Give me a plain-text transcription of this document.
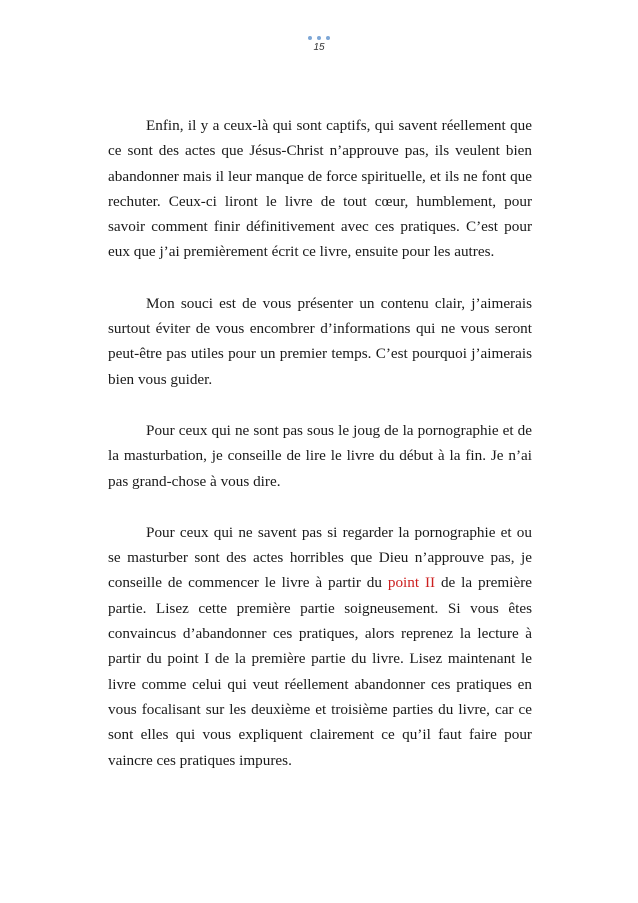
15

Enfin, il y a ceux-là qui sont captifs, qui savent réellement que ce sont des actes que Jésus-Christ n’approuve pas, ils veulent bien abandonner mais il leur manque de force spirituelle, et ils ne font que rechuter. Ceux-ci liront le livre de tout cœur, humblement, pour savoir comment finir définitivement avec ces pratiques. C’est pour eux que j’ai premièrement écrit ce livre, ensuite pour les autres.

Mon souci est de vous présenter un contenu clair, j’aimerais surtout éviter de vous encombrer d’informations qui ne vous seront peut-être pas utiles pour un premier temps. C’est pourquoi j’aimerais bien vous guider.

Pour ceux qui ne sont pas sous le joug de la pornographie et de la masturbation, je conseille de lire le livre du début à la fin. Je n’ai pas grand-chose à vous dire.

Pour ceux qui ne savent pas si regarder la pornographie et ou se masturber sont des actes horribles que Dieu n’approuve pas, je conseille de commencer le livre à partir du point II de la première partie. Lisez cette première partie soigneusement. Si vous êtes convaincus d’abandonner ces pratiques, alors reprenez la lecture à partir du point I de la première partie du livre. Lisez maintenant le livre comme celui qui veut réellement abandonner ces pratiques en vous focalisant sur les deuxième et troisième parties du livre, car ce sont elles qui vous expliquent clairement ce qu’il faut faire pour vaincre ces pratiques impures.
